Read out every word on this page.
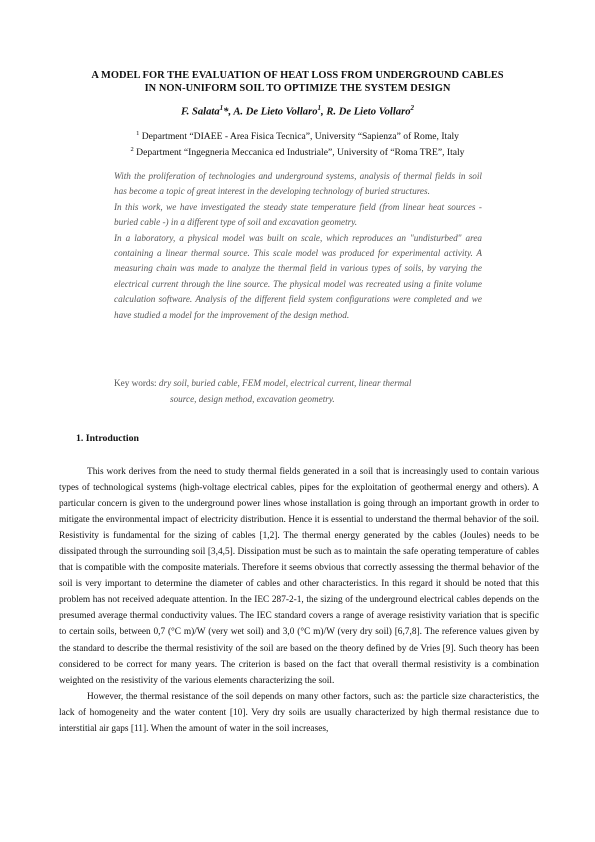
A MODEL FOR THE EVALUATION OF HEAT LOSS FROM UNDERGROUND CABLES
IN NON-UNIFORM SOIL TO OPTIMIZE THE SYSTEM DESIGN
F. Salata$^1$*, A. De Lieto Vollaro$^1$, R. De Lieto Vollaro$^2$
$^1$ Department “DIAEE - Area Fisica Tecnica”, University “Sapienza” of Rome, Italy
$^2$ Department “Ingegneria Meccanica ed Industriale”, University of “Roma TRE”, Italy

With the proliferation of technologies and underground systems, analysis of thermal fields in soil has become a topic of great interest in the developing technology of buried structures.

In this work, we have investigated the steady state temperature field (from linear heat sources - buried cable -) in a different type of soil and excavation geometry.

In a laboratory, a physical model was built on scale, which reproduces an "undisturbed" area containing a linear thermal source. This scale model was produced for experimental activity. A measuring chain was made to analyze the thermal field in various types of soils, by varying the electrical current through the line source. The physical model was recreated using a finite volume calculation software. Analysis of the different field system configurations were completed and we have studied a model for the improvement of the design method.

Key words: dry soil, buried cable, FEM model, electrical current, linear thermal
source, design method, excavation geometry.
1. Introduction

This work derives from the need to study thermal fields generated in a soil that is increasingly used to contain various types of technological systems (high-voltage electrical cables, pipes for the exploitation of geothermal energy and others). A particular concern is given to the underground power lines whose installation is going through an important growth in order to mitigate the environmental impact of electricity distribution. Hence it is essential to understand the thermal behavior of the soil. Resistivity is fundamental for the sizing of cables [1,2]. The thermal energy generated by the cables (Joules) needs to be dissipated through the surrounding soil [3,4,5]. Dissipation must be such as to maintain the safe operating temperature of cables that is compatible with the composite materials. Therefore it seems obvious that correctly assessing the thermal behavior of the soil is very important to determine the diameter of cables and other characteristics. In this regard it should be noted that this problem has not received adequate attention. In the IEC 287-2-1, the sizing of the underground electrical cables depends on the presumed average thermal conductivity values. The IEC standard covers a range of average resistivity variation that is specific to certain soils, between 0,7 (°C m)/W (very wet soil) and 3,0 (°C m)/W (very dry soil) [6,7,8]. The reference values given by the standard to describe the thermal resistivity of the soil are based on the theory defined by de Vries [9]. Such theory has been considered to be correct for many years. The criterion is based on the fact that overall thermal resistivity is a combination weighted on the resistivity of the various elements characterizing the soil.

However, the thermal resistance of the soil depends on many other factors, such as: the particle size characteristics, the lack of homogeneity and the water content [10]. Very dry soils are usually characterized by high thermal resistance due to interstitial air gaps [11]. When the amount of water in the soil increases,
